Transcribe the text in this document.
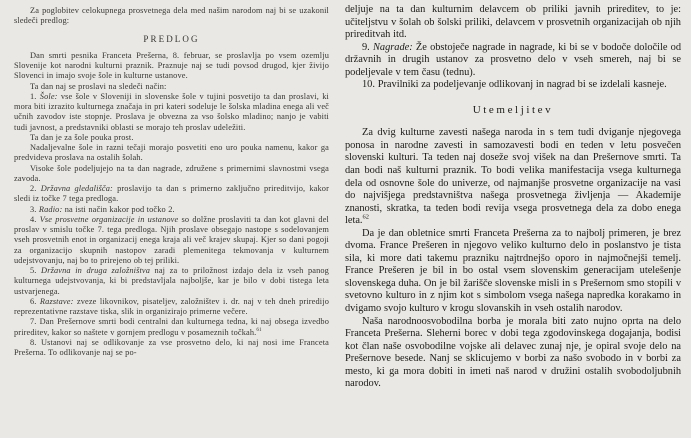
Za poglobitev celokupnega prosvetnega dela med našim narodom naj bi se uzakonil sledeči predlog:

PREDLOG

Dan smrti pesnika Franceta Prešerna, 8. februar, se proslavlja po vsem ozemlju Slovenije kot narodni kulturni praznik. Praznuje naj se tudi povsod drugod, kjer živijo Slovenci in imajo svoje šole in kulturne ustanove.

Ta dan naj se proslavi na sledeči način:

1. Šole: vse šole v Sloveniji in slovenske šole v tujini posvetijo ta dan proslavi, ki mora biti izrazito kulturnega značaja in pri kateri sodeluje le šolska mladina enega ali več učnih zavodov iste stopnje. Proslava je obvezna za vso šolsko mladino; nanjo je vabiti tudi javnost, a predstavniki oblasti se morajo teh proslav udeležiti.

Ta dan je za šole pouka prost.

Nadaljevalne šole in razni tečaji morajo posvetiti eno uro pouka namenu, kakor ga predvideva proslava na ostalih šolah.

Visoke šole podeljujejo na ta dan nagrade, združene s primernimi slavnostmi vsega zavoda.

2. Državna gledališča: proslavijo ta dan s primerno zaključno prireditvijo, kakor sledi iz točke 7 tega predloga.

3. Radio: na isti način kakor pod točko 2.

4. Vse prosvetne organizacije in ustanove so dolžne proslaviti ta dan kot glavni del proslav v smislu točke 7. tega predloga. Njih proslave obsegajo nastope s sodelovanjem vseh prosvetnih enot in organizacij enega kraja ali več krajev skupaj. Kjer so dani pogoji za organizacijo skupnih nastopov zaradi plemenitega tekmovanja v kulturnem udejstvovanju, naj bo to prirejeno ob tej priliki.

5. Državna in druga založništva naj za to priložnost izdajo dela iz vseh panog kulturnega udejstvovanja, ki bi predstavljala najboljše, kar je bilo v dobi tistega leta ustvarjenega.

6. Razstave: zveze likovnikov, pisateljev, založništev i. dr. naj v teh dneh priredijo reprezentativne razstave tiska, slik in organizirajo primerne večere.

7. Dan Prešernove smrti bodi centralni dan kulturnega tedna, ki naj obsega izvedbo prireditev, kakor so naštete v gornjem predlogu v posameznih točkah.$^{61}$

8. Ustanovi naj se odlikovanje za vse prosvetno delo, ki naj nosi ime Franceta Prešerna. To odlikovanje naj se po-

deljuje na ta dan kulturnim delavcem ob priliki javnih prireditev, to je: učiteljstvu v šolah ob šolski priliki, delavcem v prosvetnih organizacijah ob njih prireditvah itd.

9. Nagrade: Že obstoječe nagrade in nagrade, ki bi se v bodoče določile od državnih in drugih ustanov za prosvetno delo v vseh smereh, naj bi se podeljevale v tem času (tednu).

10. Pravilniki za podeljevanje odlikovanj in nagrad bi se izdelali kasneje.

Utemeljitev

Za dvig kulturne zavesti našega naroda in s tem tudi dviganje njegovega ponosa in narodne zavesti in samozavesti bodi en teden v letu posvečen slovenski kulturi. Ta teden naj doseže svoj višek na dan Prešernove smrti. Ta dan bodi naš kulturni praznik. To bodi velika manifestacija vsega kulturnega dela od osnovne šole do univerze, od najmanjše prosvetne organizacije na vasi do najvišjega predstavništva našega prosvetnega življenja — Akademije znanosti, skratka, ta teden bodi revija vsega prosvetnega dela za dobo enega leta.$^{62}$

Da je dan obletnice smrti Franceta Prešerna za to najbolj primeren, je brez dvoma. France Prešeren in njegovo veliko kulturno delo in poslanstvo je tista sila, ki more dati takemu prazniku najtrdnejšo oporo in najmočnejši temelj. France Prešeren je bil in bo ostal vsem slovenskim generacijam utelešenje slovenskega duha. On je bil žarišče slovenske misli in s Prešernom smo stopili v svetovno kulturo in z njim kot s simbolom vsega našega napredka korakamo in dvigamo svojo kulturo v krogu slovanskih in vseh ostalih narodov.

Naša narodnoosvobodilna borba je morala biti zato nujno oprta na delo Franceta Prešerna. Sleherni borec v dobi tega zgodovinskega dogajanja, bodisi kot član naše osvobodilne vojske ali delavec zunaj nje, je opiral svoje delo na Prešernove besede. Nanj se sklicujemo v borbi za našo svobodo in v borbi za mesto, ki ga mora dobiti in imeti naš narod v družini ostalih svobodoljubnih narodov.
